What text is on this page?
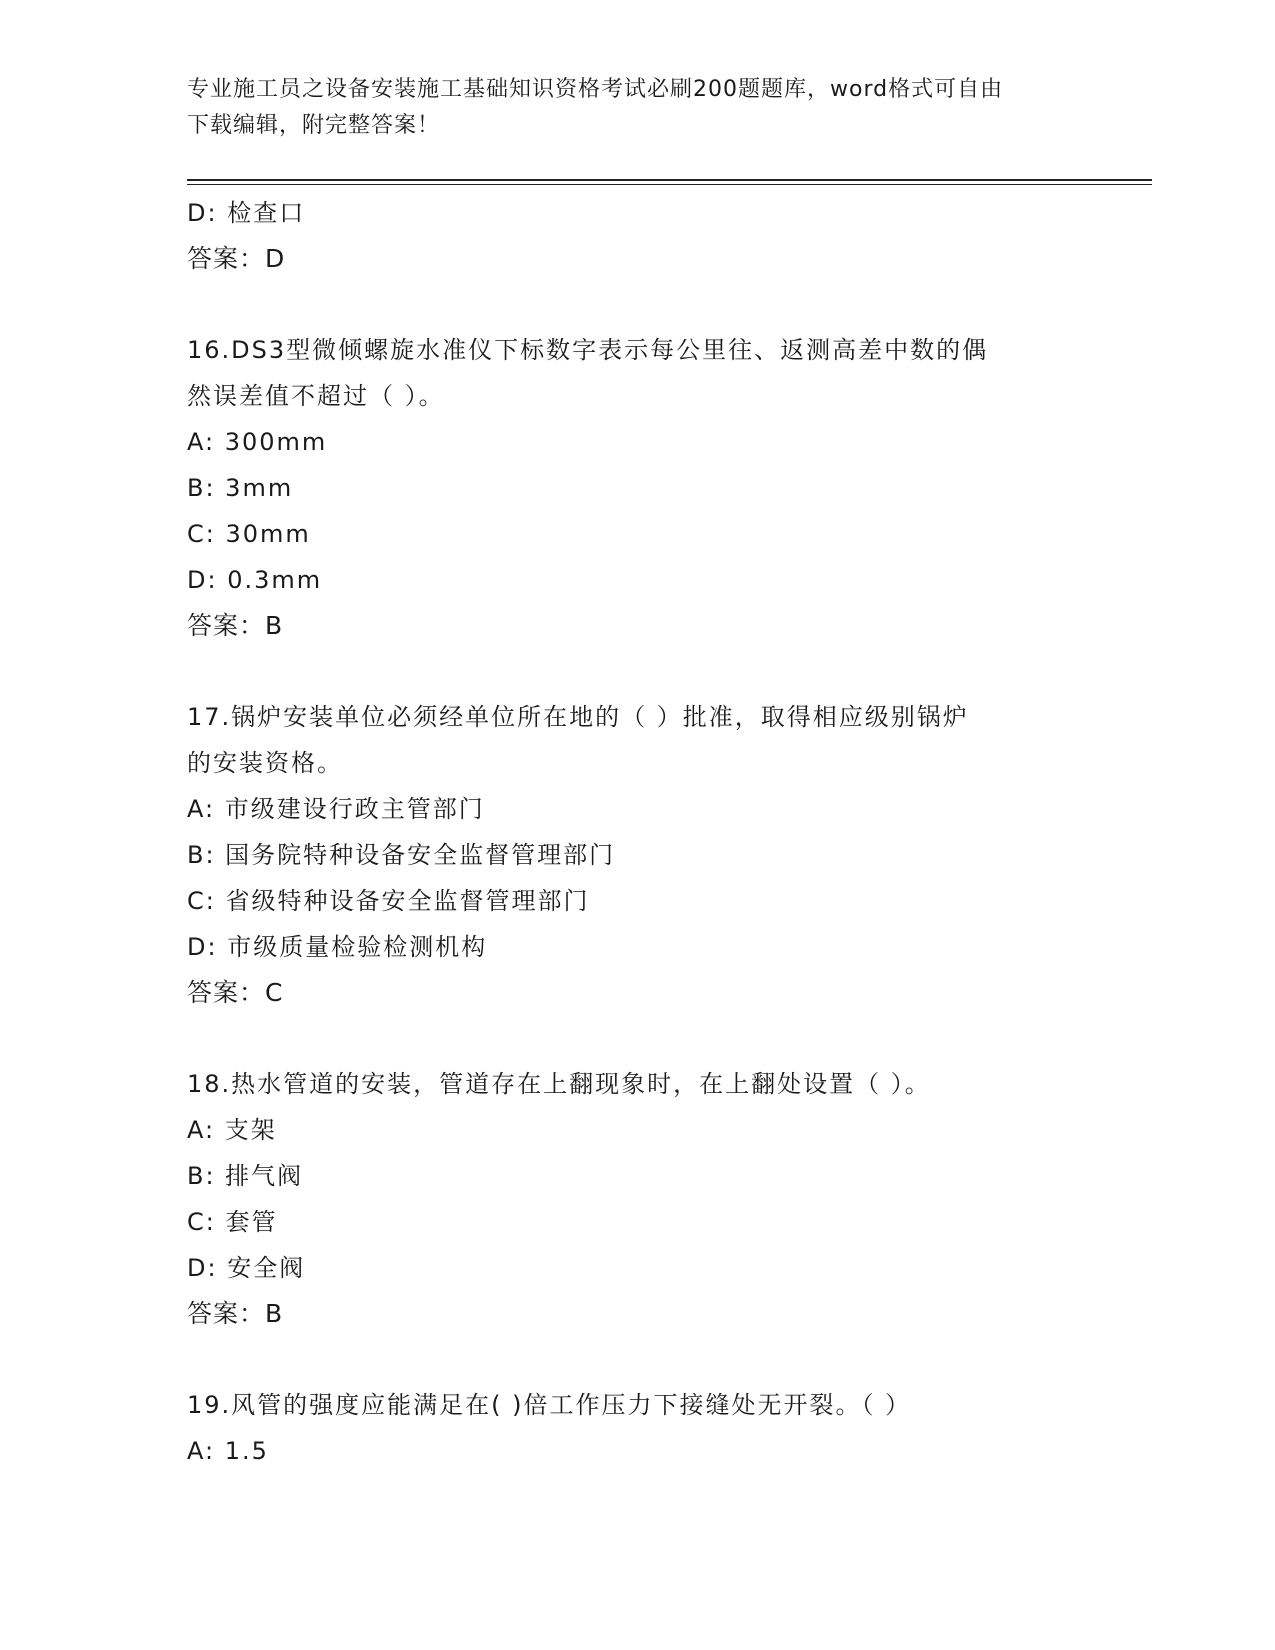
专业施工员之设备安装施工基础知识资格考试必刷200题题库，word格式可自由
下载编辑，附完整答案！
D: 检查口
答案：D
16.DS3型微倾螺旋水准仪下标数字表示每公里往、返测高差中数的偶
然误差值不超过（ ）。
A: 300mm
B: 3mm
C: 30mm
D: 0.3mm
答案：B
17.锅炉安装单位必须经单位所在地的（ ）批准，取得相应级别锅炉
的安装资格。
A: 市级建设行政主管部门
B: 国务院特种设备安全监督管理部门
C: 省级特种设备安全监督管理部门
D: 市级质量检验检测机构
答案：C
18.热水管道的安装，管道存在上翻现象时，在上翻处设置（ ）。
A: 支架
B: 排气阀
C: 套管
D: 安全阀
答案：B
19.风管的强度应能满足在( )倍工作压力下接缝处无开裂。（ ）
A: 1.5
